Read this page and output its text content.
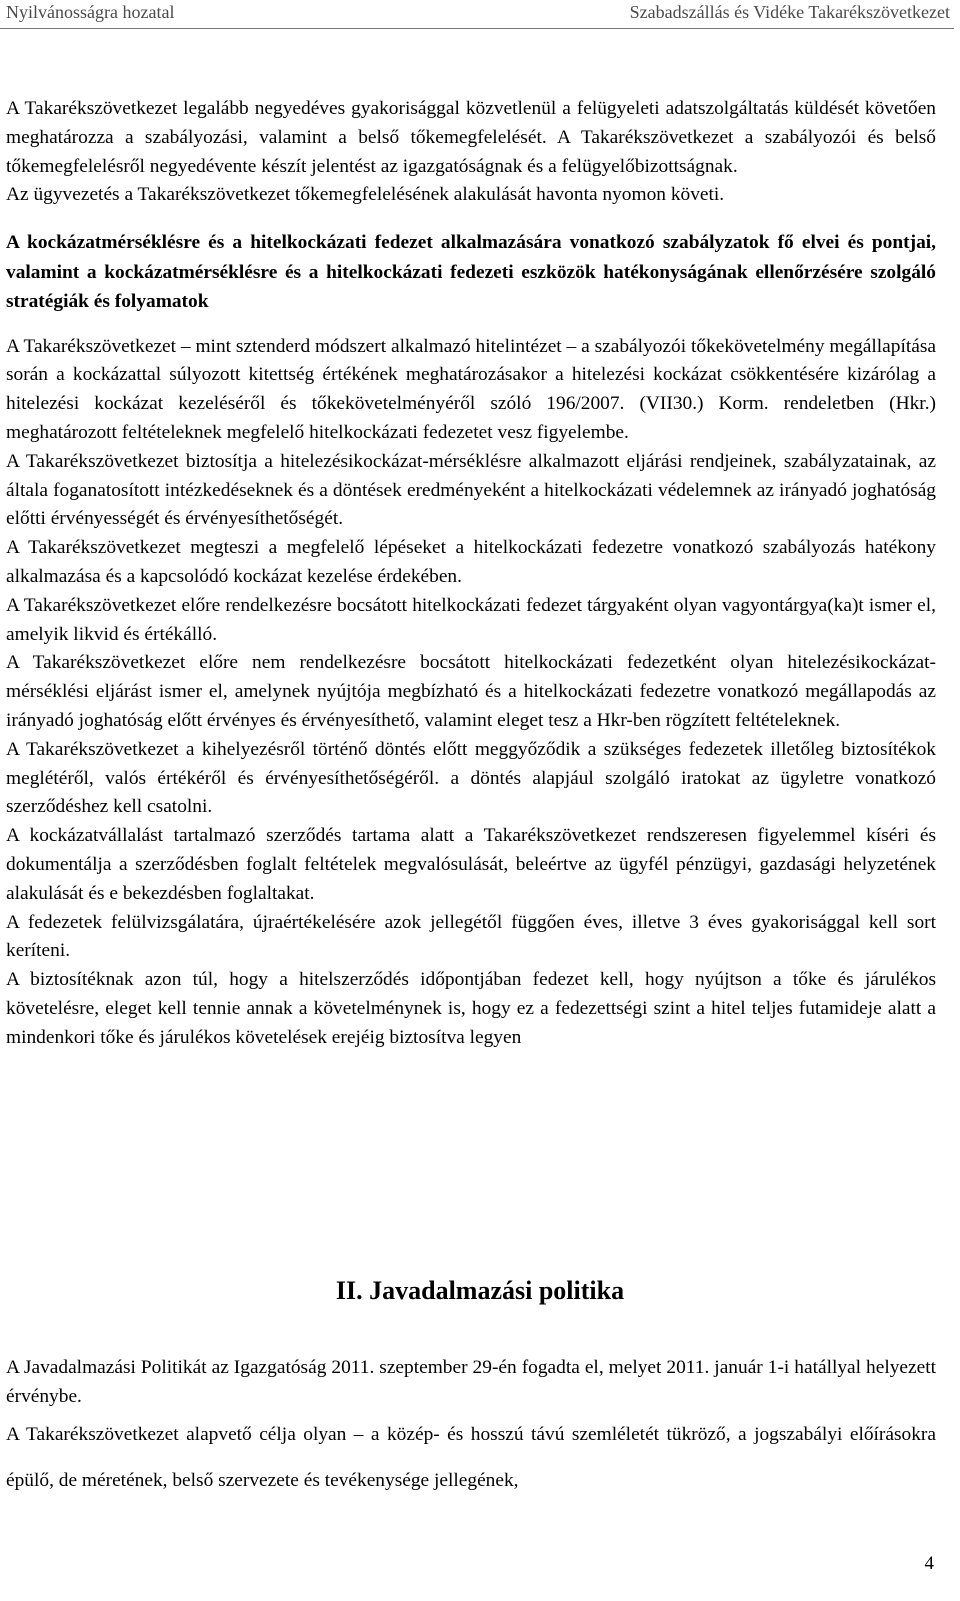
Nyilvánosságra hozatal	Szabadszállás és Vidéke Takarékszövetkezet

A Takarékszövetkezet legalább negyedéves gyakorisággal közvetlenül a felügyeleti adatszolgáltatás küldését követően meghatározza a szabályozási, valamint a belső tőkemegfelelését. A Takarékszövetkezet a szabályozói és belső tőkemegfelelésről negyedévente készít jelentést az igazgatóságnak és a felügyelőbizottságnak.

Az ügyvezetés a Takarékszövetkezet tőkemegfelelésének alakulását havonta nyomon követi.

A kockázatmérséklésre és a hitelkockázati fedezet alkalmazására vonatkozó szabályzatok fő elvei és pontjai, valamint a kockázatmérséklésre és a hitelkockázati fedezeti eszközök hatékonyságának ellenőrzésére szolgáló stratégiák és folyamatok

A Takarékszövetkezet – mint sztenderd módszert alkalmazó hitelintézet – a szabályozói tőkekövetelmény megállapítása során a kockázattal súlyozott kitettség értékének meghatározásakor a hitelezési kockázat csökkentésére kizárólag a hitelezési kockázat kezeléséről és tőkekövetelményéről szóló 196/2007. (VII30.) Korm. rendeletben (Hkr.) meghatározott feltételeknek megfelelő hitelkockázati fedezetet vesz figyelembe.

A Takarékszövetkezet biztosítja a hitelezésikockázat-mérséklésre alkalmazott eljárási rendjeinek, szabályzatainak, az általa foganatosított intézkedéseknek és a döntések eredményeként a hitelkockázati védelemnek az irányadó joghatóság előtti érvényességét és érvényesíthetőségét.

A Takarékszövetkezet megteszi a megfelelő lépéseket a hitelkockázati fedezetre vonatkozó szabályozás hatékony alkalmazása és a kapcsolódó kockázat kezelése érdekében.

A Takarékszövetkezet előre rendelkezésre bocsátott hitelkockázati fedezet tárgyaként olyan vagyontárgya(ka)t ismer el, amelyik likvid és értékálló.

A Takarékszövetkezet előre nem rendelkezésre bocsátott hitelkockázati fedezetként olyan hitelezésikockázat-mérséklési eljárást ismer el, amelynek nyújtója megbízható és a hitelkockázati fedezetre vonatkozó megállapodás az irányadó joghatóság előtt érvényes és érvényesíthető, valamint eleget tesz a Hkr-ben rögzített feltételeknek.

A Takarékszövetkezet a kihelyezésről történő döntés előtt meggyőződik a szükséges fedezetek illetőleg biztosítékok meglétéről, valós értékéről és érvényesíthetőségéről. a döntés alapjául szolgáló iratokat az ügyletre vonatkozó szerződéshez kell csatolni.

A kockázatvállalást tartalmazó szerződés tartama alatt a Takarékszövetkezet rendszeresen figyelemmel kíséri és dokumentálja a szerződésben foglalt feltételek megvalósulását, beleértve az ügyfél pénzügyi, gazdasági helyzetének alakulását és e bekezdésben foglaltakat.

A fedezetek felülvizsgálatára, újraértékelésére azok jellegétől függően éves, illetve 3 éves gyakorisággal kell sort keríteni.

A biztosítéknak azon túl, hogy a hitelszerződés időpontjában fedezet kell, hogy nyújtson a tőke és járulékos követelésre, eleget kell tennie annak a követelménynek is, hogy ez a fedezettségi szint a hitel teljes futamideje alatt a mindenkori tőke és járulékos követelések erejéig biztosítva legyen

II. Javadalmazási politika

A Javadalmazási Politikát az Igazgatóság 2011. szeptember 29-én fogadta el, melyet 2011. január 1-i hatállyal helyezett érvénybe.

A Takarékszövetkezet alapvető célja olyan – a közép- és hosszú távú szemléletét tükröző, a jogszabályi előírásokra épülő, de méretének, belső szervezete és tevékenysége jellegének,

4
